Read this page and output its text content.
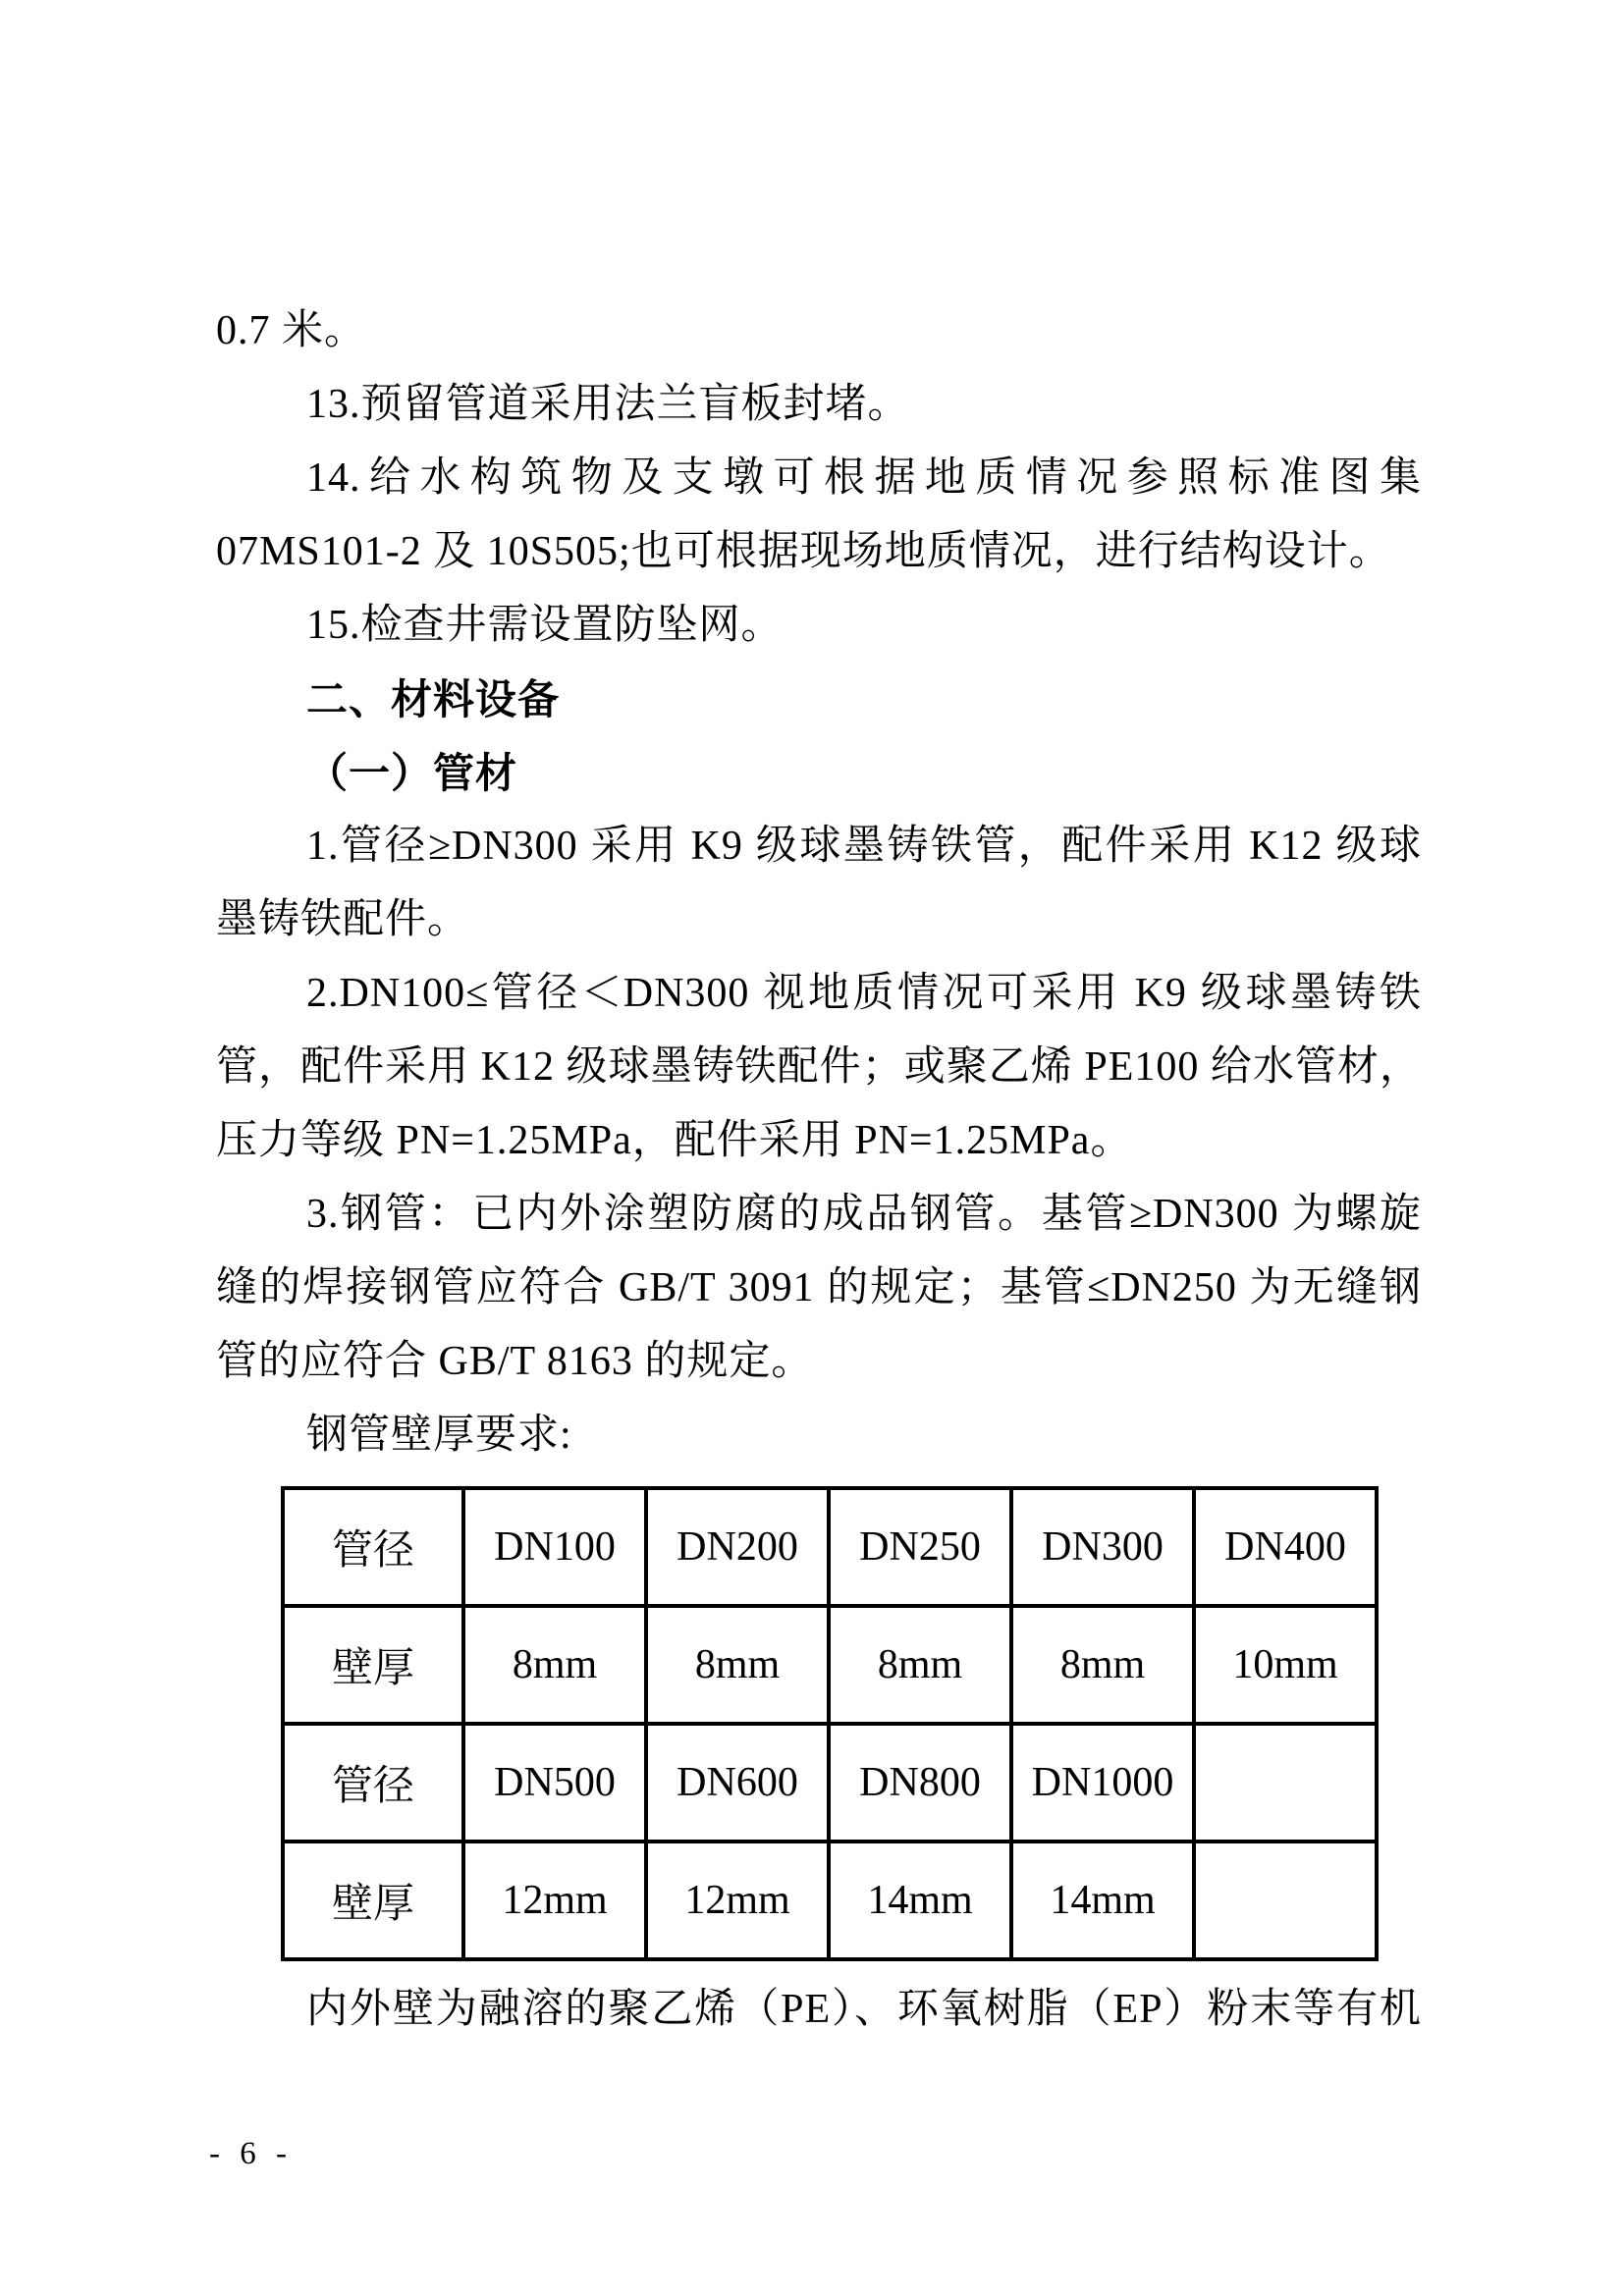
0.7 米。
13.预留管道采用法兰盲板封堵。
14.给水构筑物及支墩可根据地质情况参照标准图集
07MS101-2 及 10S505;也可根据现场地质情况，进行结构设计。
15.检查井需设置防坠网。
二、材料设备
（一）管材
1.管径≥DN300 采用 K9 级球墨铸铁管，配件采用 K12 级球
墨铸铁配件。
2.DN100≤管径＜DN300 视地质情况可采用 K9 级球墨铸铁
管，配件采用 K12 级球墨铸铁配件；或聚乙烯 PE100 给水管材，
压力等级 PN=1.25MPa，配件采用 PN=1.25MPa。
3.钢管：已内外涂塑防腐的成品钢管。基管≥DN300 为螺旋
缝的焊接钢管应符合 GB/T 3091 的规定；基管≤DN250 为无缝钢
管的应符合 GB/T 8163 的规定。
钢管壁厚要求:
管径	DN100	DN200	DN250	DN300	DN400
壁厚	8mm	8mm	8mm	8mm	10mm
管径	DN500	DN600	DN800	DN1000	
壁厚	12mm	12mm	14mm	14mm	
内外壁为融溶的聚乙烯（PE）、环氧树脂（EP）粉末等有机
- 6 -
